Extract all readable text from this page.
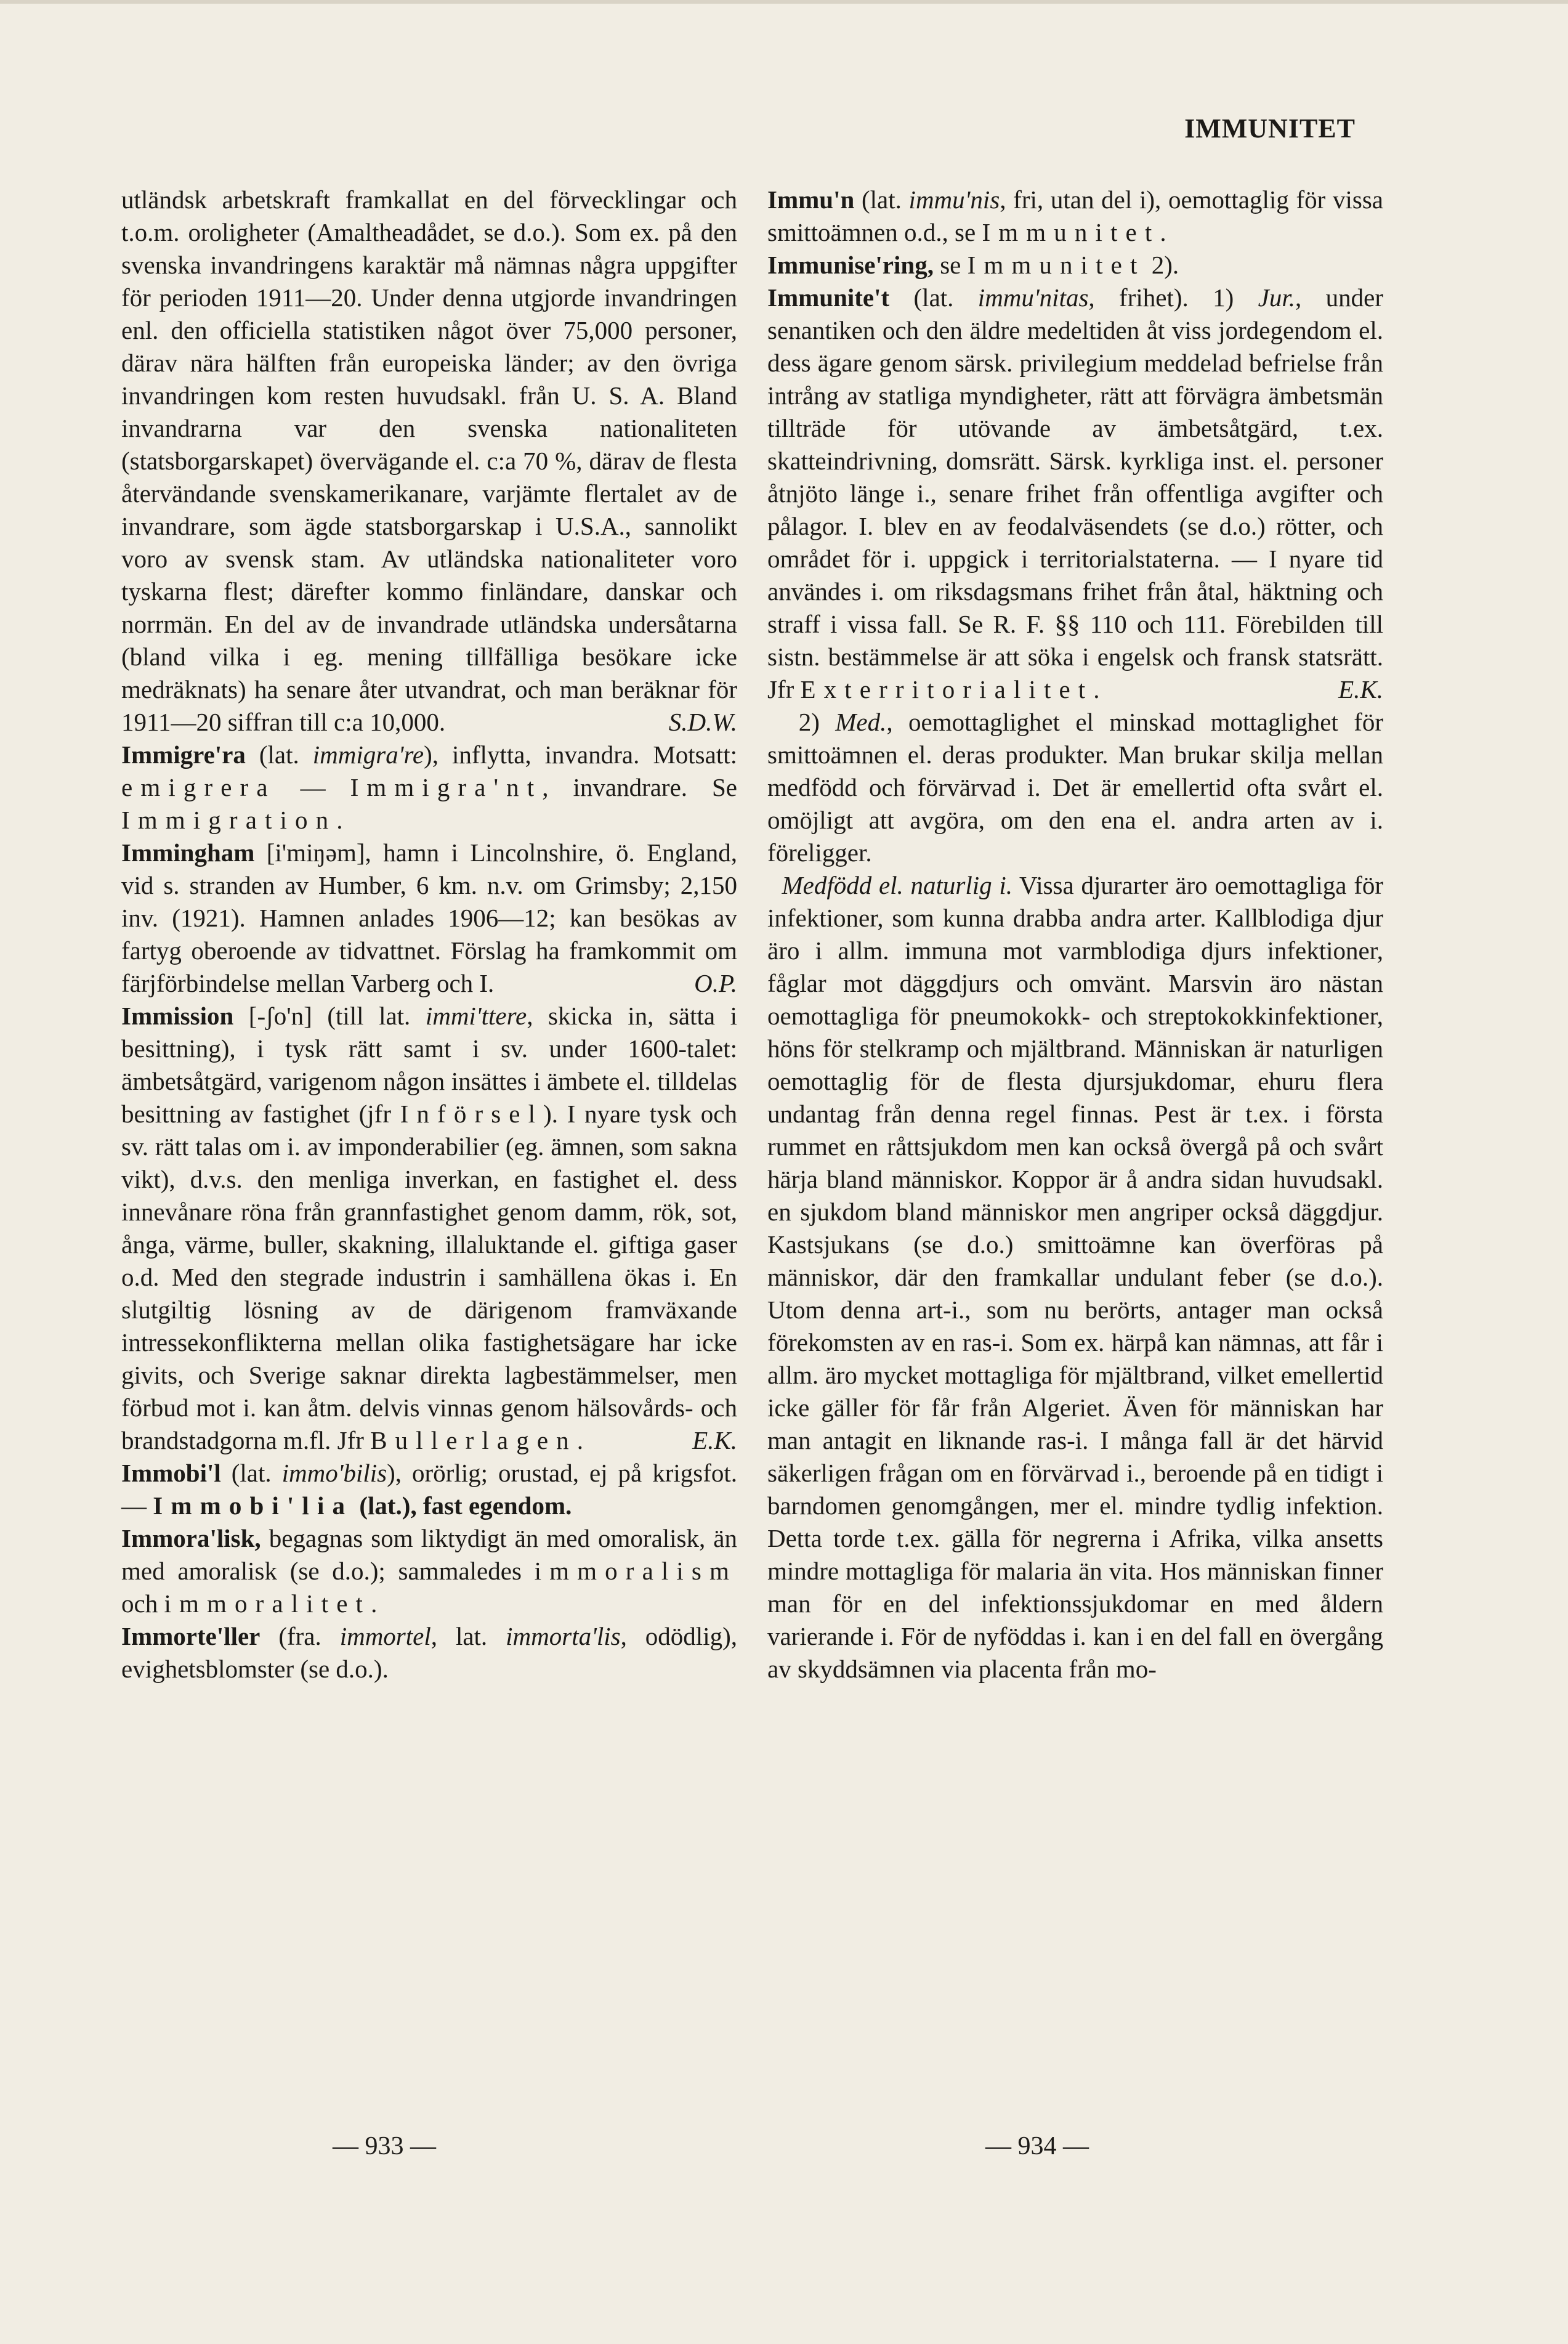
IMMUNITET

utländsk arbetskraft framkallat en del förvecklingar och t.o.m. oroligheter (Amaltheadådet, se d.o.). Som ex. på den svenska invandringens karaktär må nämnas några uppgifter för perioden 1911—20. Under denna utgjorde invandringen enl. den officiella statistiken något över 75,000 personer, därav nära hälften från europeiska länder; av den övriga invandringen kom resten huvudsakl. från U. S. A. Bland invandrarna var den svenska nationaliteten (statsborgarskapet) övervägande el. c:a 70 %, därav de flesta återvändande svenskamerikanare, varjämte flertalet av de invandrare, som ägde statsborgarskap i U.S.A., sannolikt voro av svensk stam. Av utländska nationaliteter voro tyskarna flest; därefter kommo finländare, danskar och norrmän. En del av de invandrade utländska undersåtarna (bland vilka i eg. mening tillfälliga besökare icke medräknats) ha senare åter utvandrat, och man beräknar för 1911—20 siffran till c:a 10,000.	S.D.W.

Immigre'ra (lat. immigra're), inflytta, invandra. Motsatt: emigrera — Immigra'nt, invandrare. Se Immigration.

Immingham [i'miŋəm], hamn i Lincolnshire, ö. England, vid s. stranden av Humber, 6 km. n.v. om Grimsby; 2,150 inv. (1921). Hamnen anlades 1906—12; kan besökas av fartyg oberoende av tidvattnet. Förslag ha framkommit om färjförbindelse mellan Varberg och I.	O.P.

Immission [-ʃo'n] (till lat. immi'ttere, skicka in, sätta i besittning), i tysk rätt samt i sv. under 1600-talet: ämbetsåtgärd, varigenom någon insättes i ämbete el. tilldelas besittning av fastighet (jfr Införsel). I nyare tysk och sv. rätt talas om i. av imponderabilier (eg. ämnen, som sakna vikt), d.v.s. den menliga inverkan, en fastighet el. dess innevånare röna från grannfastighet genom damm, rök, sot, ånga, värme, buller, skakning, illaluktande el. giftiga gaser o.d. Med den stegrade industrin i samhällena ökas i. En slutgiltig lösning av de därigenom framväxande intressekonflikterna mellan olika fastighetsägare har icke givits, och Sverige saknar direkta lagbestämmelser, men förbud mot i. kan åtm. delvis vinnas genom hälsovårds- och brandstadgorna m.fl. Jfr Bullerlagen.	E.K.

Immobi'l (lat. immo'bilis), orörlig; orustad, ej på krigsfot. — Immobi'lia (lat.), fast egendom.

Immora'lisk, begagnas som liktydigt än med omoralisk, än med amoralisk (se d.o.); sammaledes immoralism och immoralitet.

Immorte'ller (fra. immortel, lat. immorta'lis, odödlig), evighetsblomster (se d.o.).

Immu'n (lat. immu'nis, fri, utan del i), oemottaglig för vissa smittoämnen o.d., se Immunitet.

Immunise'ring, se Immunitet 2).

Immunite't (lat. immu'nitas, frihet). 1) Jur., under senantiken och den äldre medeltiden åt viss jordegendom el. dess ägare genom särsk. privilegium meddelad befrielse från intrång av statliga myndigheter, rätt att förvägra ämbetsmän tillträde för utövande av ämbetsåtgärd, t.ex. skatteindrivning, domsrätt. Särsk. kyrkliga inst. el. personer åtnjöto länge i., senare frihet från offentliga avgifter och pålagor. I. blev en av feodalväsendets (se d.o.) rötter, och området för i. uppgick i territorialstaterna. — I nyare tid användes i. om riksdagsmans frihet från åtal, häktning och straff i vissa fall. Se R. F. §§ 110 och 111. Förebilden till sistn. bestämmelse är att söka i engelsk och fransk statsrätt. Jfr Exterritorialitet.	E.K.

2) Med., oemottaglighet el minskad mottaglighet för smittoämnen el. deras produkter. Man brukar skilja mellan medfödd och förvärvad i. Det är emellertid ofta svårt el. omöjligt att avgöra, om den ena el. andra arten av i. föreligger.

Medfödd el. naturlig i. Vissa djurarter äro oemottagliga för infektioner, som kunna drabba andra arter. Kallblodiga djur äro i allm. immuna mot varmblodiga djurs infektioner, fåglar mot däggdjurs och omvänt. Marsvin äro nästan oemottagliga för pneumokokk- och streptokokkinfektioner, höns för stelkramp och mjältbrand. Människan är naturligen oemottaglig för de flesta djursjukdomar, ehuru flera undantag från denna regel finnas. Pest är t.ex. i första rummet en råttsjukdom men kan också övergå på och svårt härja bland människor. Koppor är å andra sidan huvudsakl. en sjukdom bland människor men angriper också däggdjur. Kastsjukans (se d.o.) smittoämne kan överföras på människor, där den framkallar undulant feber (se d.o.). Utom denna art-i., som nu berörts, antager man också förekomsten av en ras-i. Som ex. härpå kan nämnas, att får i allm. äro mycket mottagliga för mjältbrand, vilket emellertid icke gäller för får från Algeriet. Även för människan har man antagit en liknande ras-i. I många fall är det härvid säkerligen frågan om en förvärvad i., beroende på en tidigt i barndomen genomgången, mer el. mindre tydlig infektion. Detta torde t.ex. gälla för negrerna i Afrika, vilka ansetts mindre mottagliga för malaria än vita. Hos människan finner man för en del infektionssjukdomar en med åldern varierande i. För de nyföddas i. kan i en del fall en övergång av skyddsämnen via placenta från mo-

— 933 —	— 934 —
